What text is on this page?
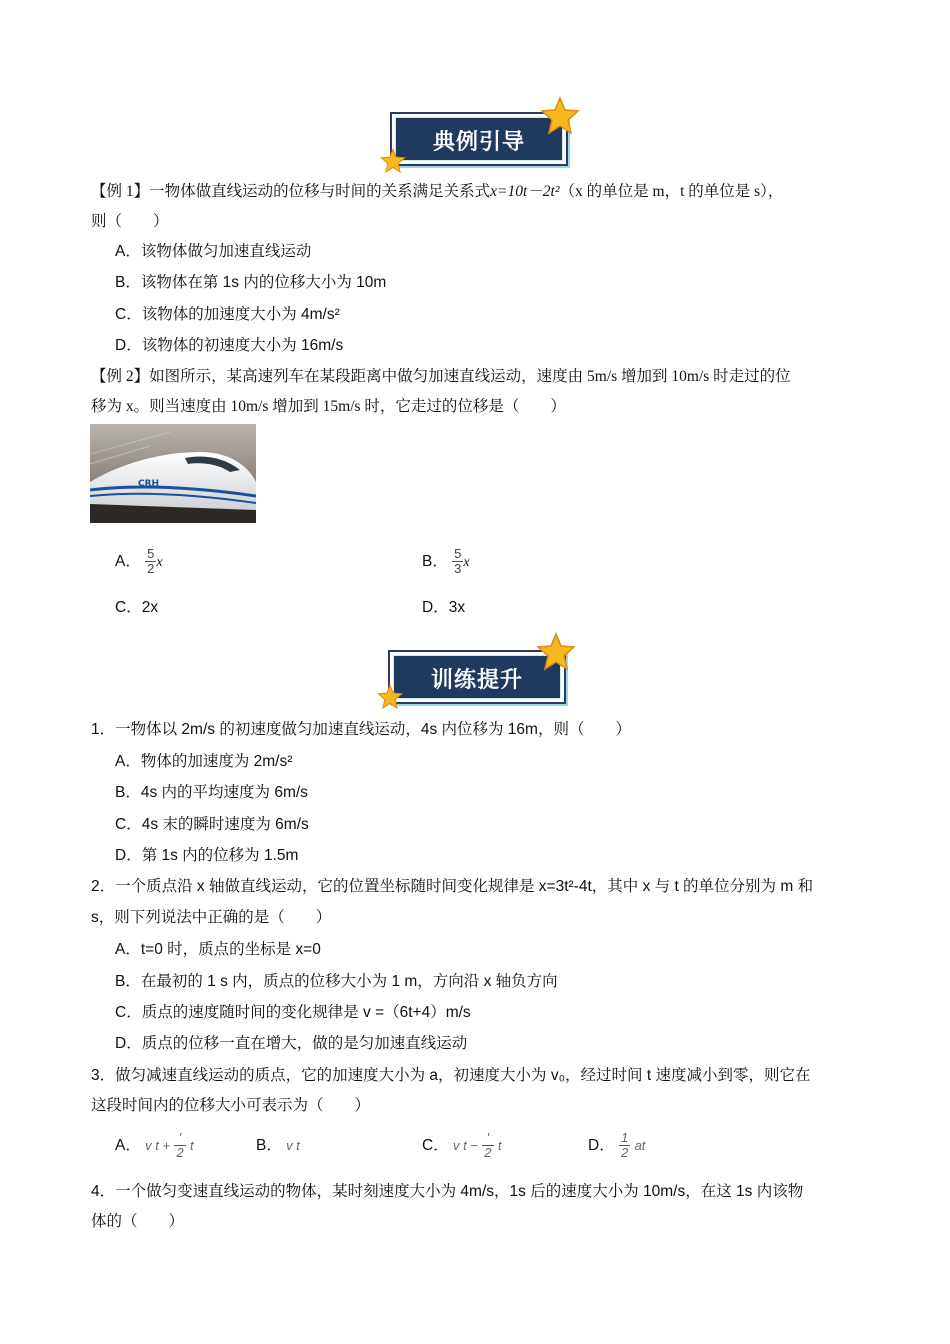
典例引导
【例 1】一物体做直线运动的位移与时间的关系满足关系式x=10t－2t²（x 的单位是 m，t 的单位是 s），
则（　　）
A．该物体做匀加速直线运动
B．该物体在第 1s 内的位移大小为 10m
C．该物体的加速度大小为 4m/s²
D．该物体的初速度大小为 16m/s
【例 2】如图所示，某高速列车在某段距离中做匀加速直线运动，速度由 5m/s 增加到 10m/s 时走过的位
移为 x。则当速度由 10m/s 增加到 15m/s 时，它走过的位移是（　　）
CRH
A． $\frac{5}{2}$ x	B． $\frac{5}{3}$ x
C．2x	D．3x
训练提升
1．一物体以 2m/s 的初速度做匀加速直线运动，4s 内位移为 16m，则（　　）
A．物体的加速度为 2m/s²
B．4s 内的平均速度为 6m/s
C．4s 末的瞬时速度为 6m/s
D．第 1s 内的位移为 1.5m
2．一个质点沿 x 轴做直线运动，它的位置坐标随时间变化规律是 x=3t²-4t，其中 x 与 t 的单位分别为 m 和
s，则下列说法中正确的是（　　）
A．t=0 时，质点的坐标是 x=0
B．在最初的 1 s 内，质点的位移大小为 1 m，方向沿 x 轴负方向
C．质点的速度随时间的变化规律是 v =（6t+4）m/s
D．质点的位移一直在增大，做的是匀加速直线运动
3．做匀减速直线运动的质点，它的加速度大小为 a，初速度大小为 v₀，经过时间 t 速度减小到零，则它在
这段时间内的位移大小可表示为（　　）
A． v $t + \frac{'}{2}$ t	B． v t	C． v $t - \frac{'}{2}$ t	D． $\frac{1}{2}$ at
4．一个做匀变速直线运动的物体，某时刻速度大小为 4m/s，1s 后的速度大小为 10m/s，在这 1s 内该物
体的（　　）
